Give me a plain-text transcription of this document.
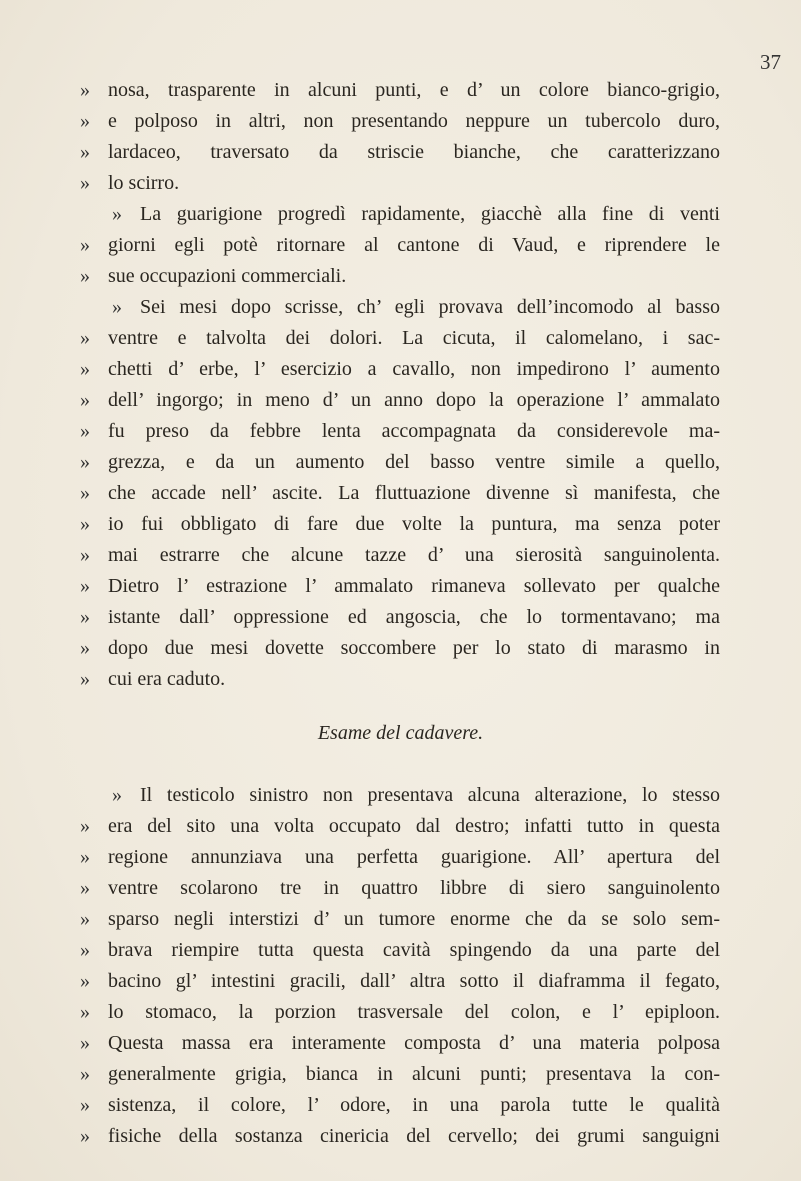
37
» nosa, trasparente in alcuni punti, e d’ un colore bianco-grigio,
» e polposo in altri, non presentando neppure un tubercolo duro,
» lardaceo, traversato da striscie bianche, che caratterizzano
» lo scirro.
» La guarigione progredì rapidamente, giacchè alla fine di venti
» giorni egli potè ritornare al cantone di Vaud, e riprendere le
» sue occupazioni commerciali.
» Sei mesi dopo scrisse, ch’ egli provava dell’incomodo al basso
» ventre e talvolta dei dolori. La cicuta, il calomelano, i sac-
» chetti d’ erbe, l’ esercizio a cavallo, non impedirono l’ aumento
» dell’ ingorgo; in meno d’ un anno dopo la operazione l’ ammalato
» fu preso da febbre lenta accompagnata da considerevole ma-
» grezza, e da un aumento del basso ventre simile a quello,
» che accade nell’ ascite. La fluttuazione divenne sì manifesta, che
» io fui obbligato di fare due volte la puntura, ma senza poter
» mai estrarre che alcune tazze d’ una sierosità sanguinolenta.
» Dietro l’ estrazione l’ ammalato rimaneva sollevato per qualche
» istante dall’ oppressione ed angoscia, che lo tormentavano; ma
» dopo due mesi dovette soccombere per lo stato di marasmo in
» cui era caduto.
Esame del cadavere.
» Il testicolo sinistro non presentava alcuna alterazione, lo stesso
» era del sito una volta occupato dal destro; infatti tutto in questa
» regione annunziava una perfetta guarigione. All’ apertura del
» ventre scolarono tre in quattro libbre di siero sanguinolento
» sparso negli interstizi d’ un tumore enorme che da se solo sem-
» brava riempire tutta questa cavità spingendo da una parte del
» bacino gl’ intestini gracili, dall’ altra sotto il diaframma il fegato,
» lo stomaco, la porzion trasversale del colon, e l’ epiploon.
» Questa massa era interamente composta d’ una materia polposa
» generalmente grigia, bianca in alcuni punti; presentava la con-
» sistenza, il colore, l’ odore, in una parola tutte le qualità
» fisiche della sostanza cinericia del cervello; dei grumi sanguigni
